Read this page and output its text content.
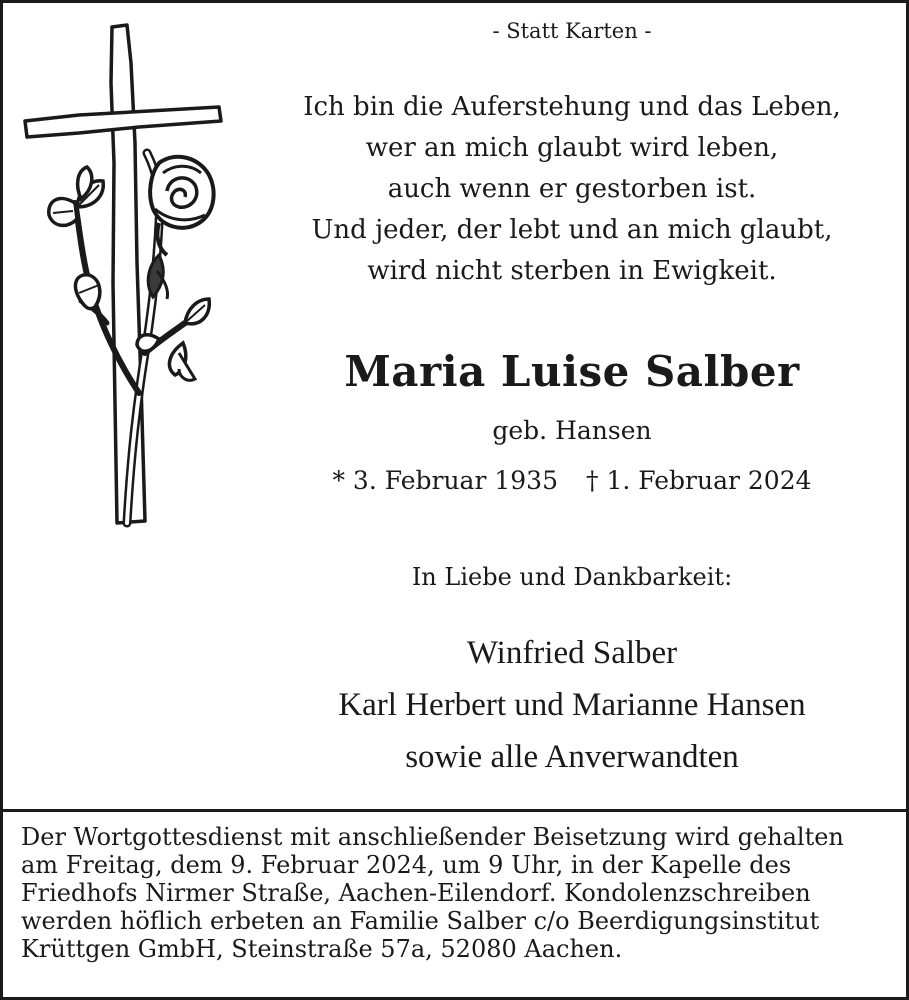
- Statt Karten -
Ich bin die Auferstehung und das Leben,
wer an mich glaubt wird leben,
auch wenn er gestorben ist.
Und jeder, der lebt und an mich glaubt,
wird nicht sterben in Ewigkeit.
Maria Luise Salber
geb. Hansen
* 3. Februar 1935 † 1. Februar 2024
In Liebe und Dankbarkeit:
Winfried Salber
Karl Herbert und Marianne Hansen
sowie alle Anverwandten
Der Wortgottesdienst mit anschließender Beisetzung wird gehalten
am Freitag, dem 9. Februar 2024, um 9 Uhr, in der Kapelle des
Friedhofs Nirmer Straße, Aachen-Eilendorf. Kondolenzschreiben
werden höflich erbeten an Familie Salber c/o Beerdigungsinstitut
Krüttgen GmbH, Steinstraße 57a, 52080 Aachen.
